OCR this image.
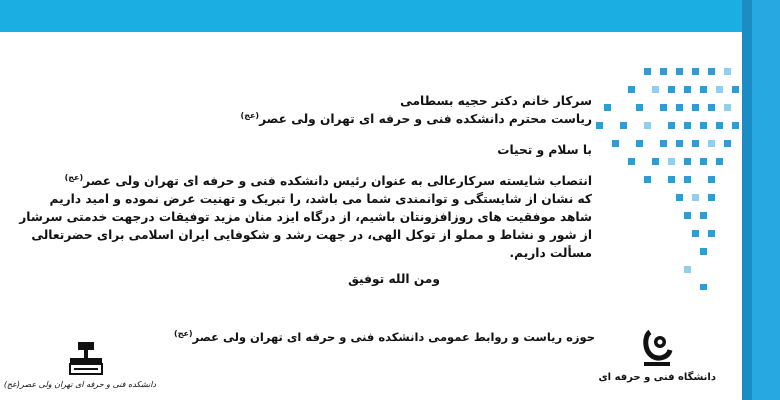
سرکار خانم دکتر حجیه بسطامی
ریاست محترم دانشکده فنی و حرفه ای تهران ولی عصر$^{(عج)}$
با سلام و تحیات
انتصاب شایسته سرکارعالی به عنوان رئیس دانشکده فنی و حرفه ای تهران ولی عصر$^{(عج)}$
که نشان از شایستگی و توانمندی شما می باشد، را تبریک و تهنیت عرض نموده و امید داریم
شاهد موفقیت های روزافزونتان باشیم، از درگاه ایزد منان مزید توفیقات درجهت خدمتی سرشار
از شور و نشاط و مملو از توکل الهی، در جهت رشد و شکوفایی ایران اسلامی برای حضرتعالی
مسألت داریم.
ومن الله توفیق
حوزه ریاست و روابط عمومی دانشکده فنی و حرفه ای تهران ولی عصر$^{(عج)}$
دانشکده فنی و حرفه ای تهران ولی عصر(عج)
دانشگاه فنی و حرفه ای
